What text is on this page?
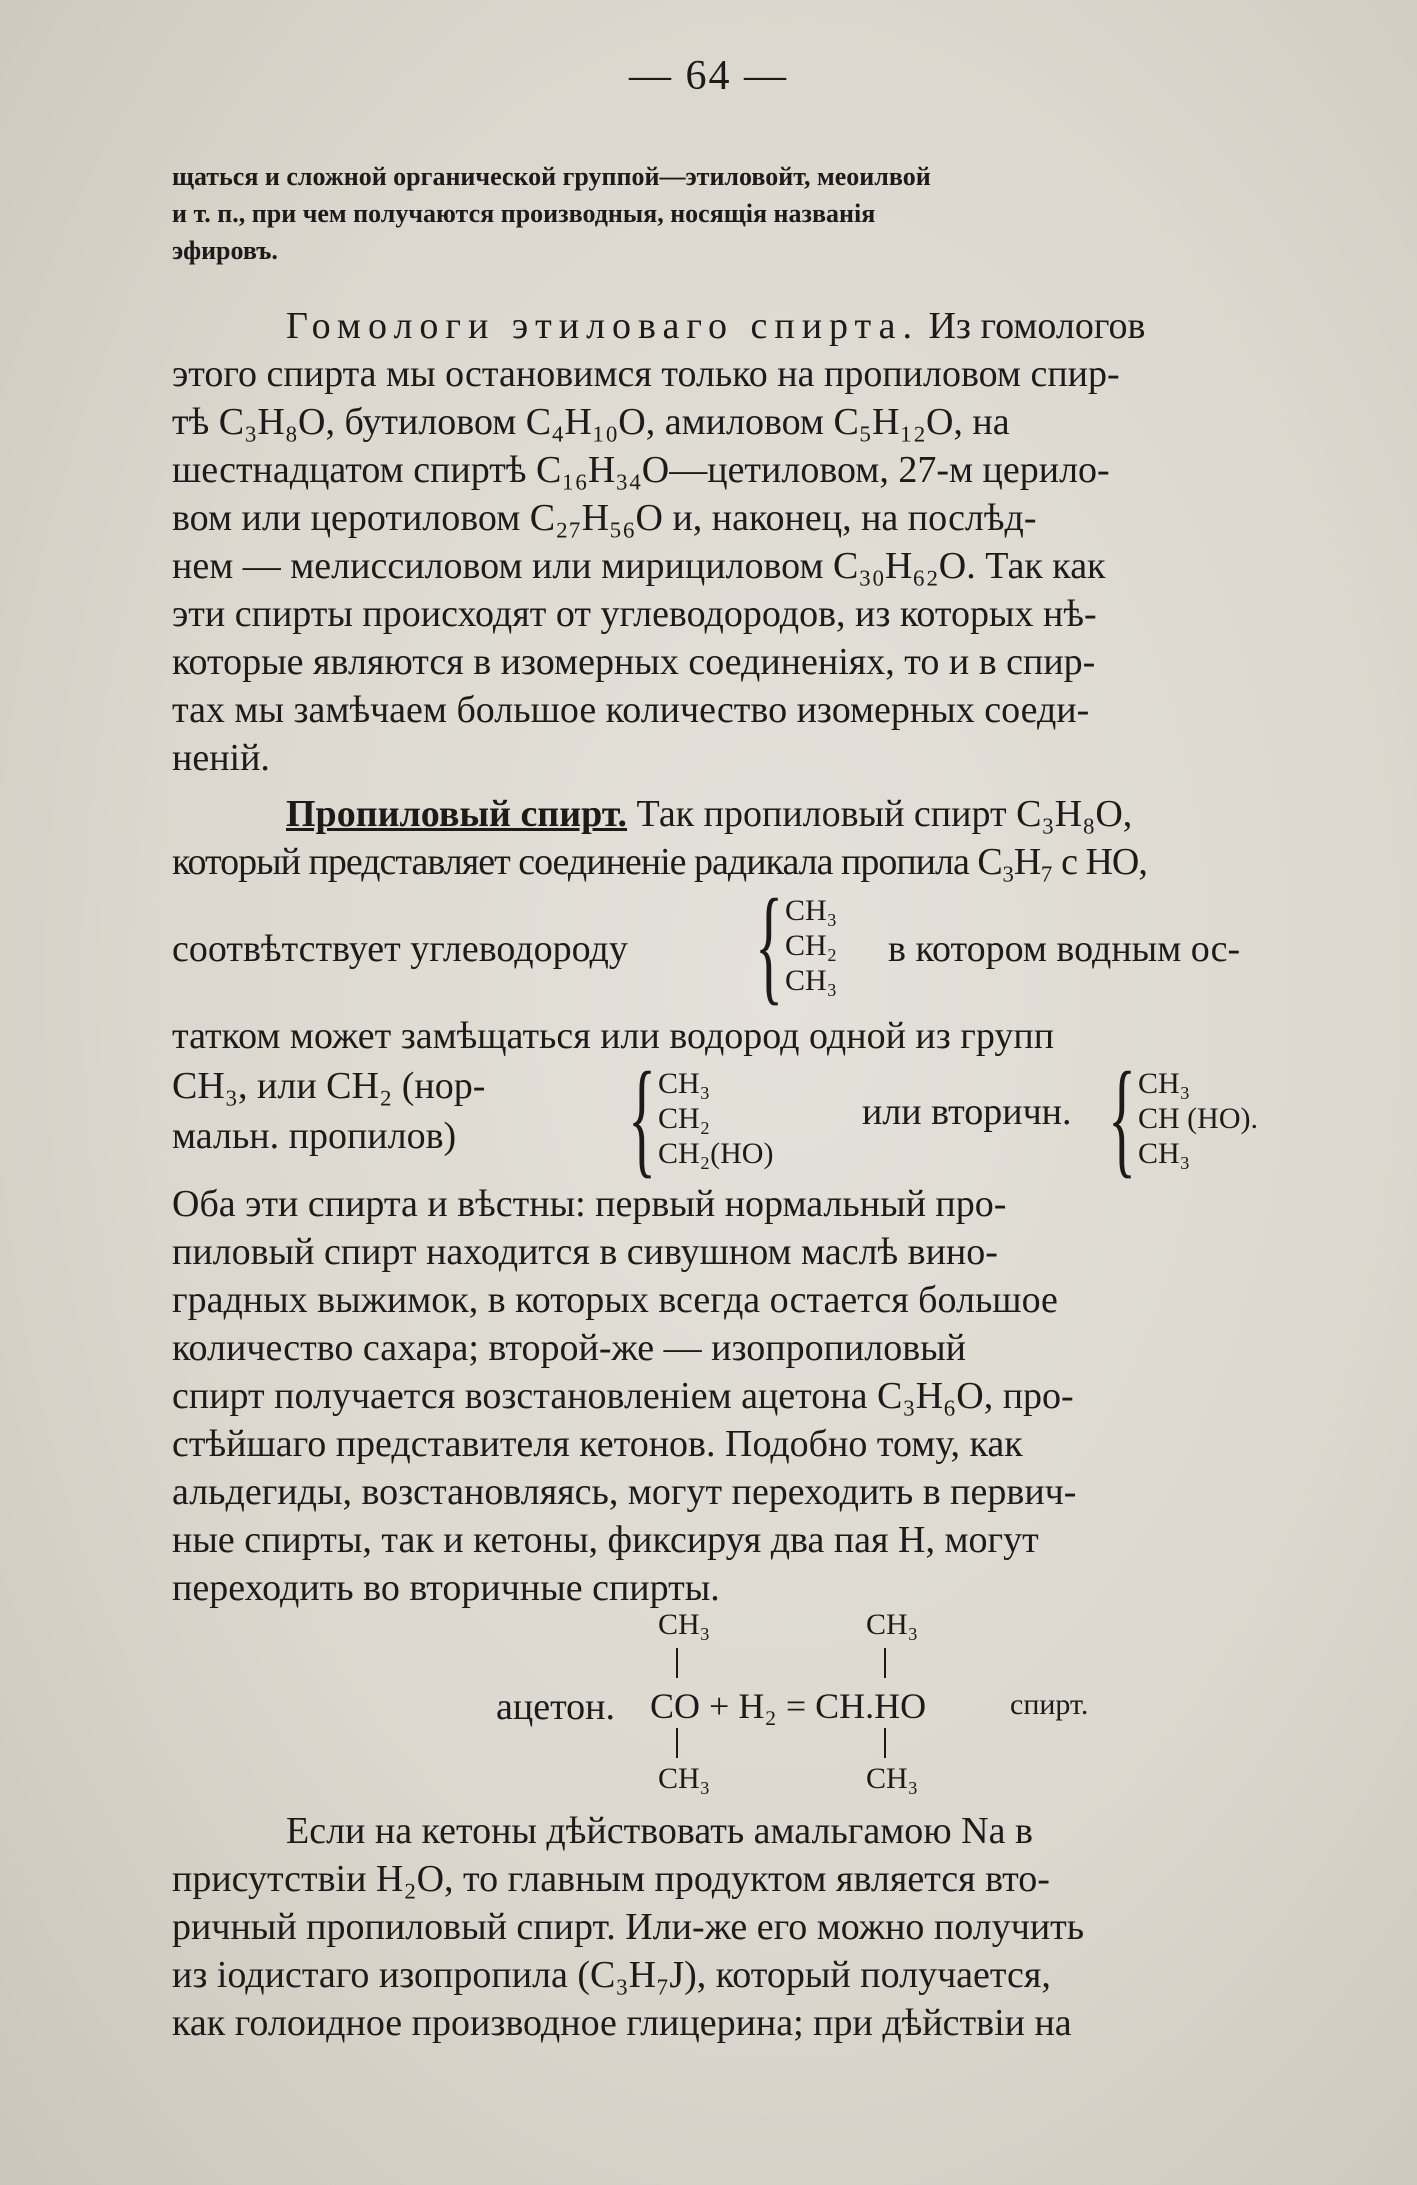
— 64 —
щаться и сложной органической группой—этиловойт, меоилвой
и т. п., при чем получаются производныя, носящія названія
эфировъ.
Гомологи этиловаго спирта. Из гомологов
этого спирта мы остановимся только на пропиловом спир-
тѣ C₃H₈O, бутиловом C₄H₁₀O, амиловом C₅H₁₂O, на
шестнадцатом спиртѣ C₁₆H₃₄O—цетиловом, 27-м церило-
вом или церотиловом C₂₇H₅₆O и, наконец, на послѣд-
нем — мелиссиловом или мирициловом C₃₀H₆₂O. Так как
эти спирты происходят от углеводородов, из которых нѣ-
которые являются в изомерных соединеніях, то и в спир-
тах мы замѣчаем большое количество изомерных соеди-
неній.
Пропиловый спирт. Так пропиловый спирт C₃H₈O,
который представляет соединеніе радикала пропила C₃H₇ с HO,
соотвѣтствует углеводороду { CH₃
CH₂
CH₃
в котором водным ос-
татком может замѣщаться или водород одной из групп
CH₃, или CH₂ (нор-
мальн. пропилов) { CH₃
CH₂
CH₂(HO)
или вторичн. { CH₃
CH (HO).
CH₃
Оба эти спирта и вѣстны: первый нормальный про-
пиловый спирт находится в сивушном маслѣ вино-
градных выжимок, в которых всегда остается большое
количество сахара; второй-же — изопропиловый
спирт получается возстановленіем ацетона C₃H₆O, про-
стѣйшаго представителя кетонов. Подобно тому, как
альдегиды, возстановляясь, могут переходить в первич-
ные спирты, так и кетоны, фиксируя два пая H, могут
переходить во вторичные спирты.
CH₃	CH₃
ацетон. CO + H₂ = CH.HO	спирт.
CH₃	CH₃
Если на кетоны дѣйствовать амальгамою Na в
присутствіи H₂O, то главным продуктом является вто-
ричный пропиловый спирт. Или-же его можно получить
из іодистаго изопропила (C₃H₇J), который получается,
как голоидное производное глицерина; при дѣйствіи на
